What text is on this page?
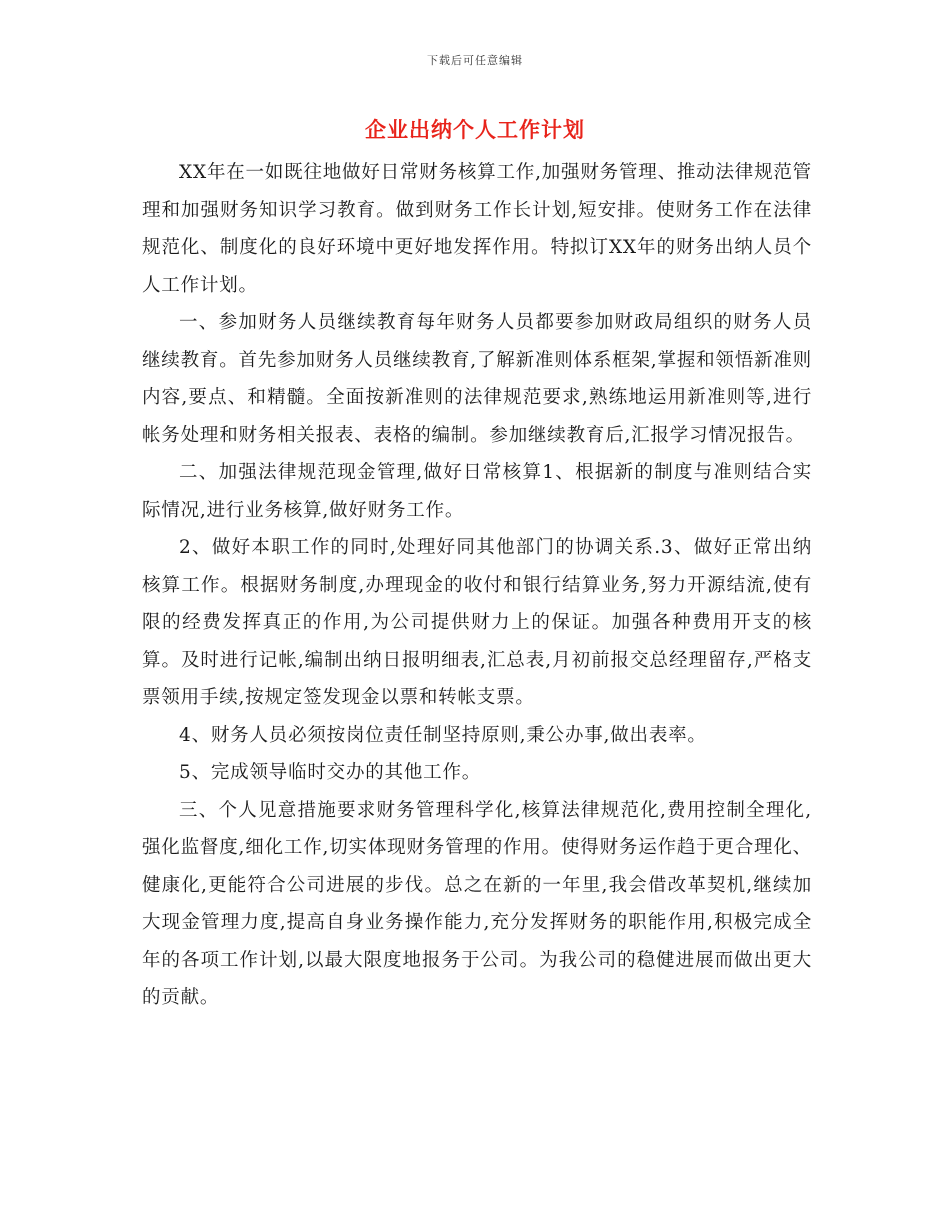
下载后可任意编辑
企业出纳个人工作计划

XX年在一如既往地做好日常财务核算工作,加强财务管理、推动法律规范管理和加强财务知识学习教育。做到财务工作长计划,短安排。使财务工作在法律规范化、制度化的良好环境中更好地发挥作用。特拟订XX年的财务出纳人员个人工作计划。

一、参加财务人员继续教育每年财务人员都要参加财政局组织的财务人员继续教育。首先参加财务人员继续教育,了解新准则体系框架,掌握和领悟新准则内容,要点、和精髓。全面按新准则的法律规范要求,熟练地运用新准则等,进行帐务处理和财务相关报表、表格的编制。参加继续教育后,汇报学习情况报告。

二、加强法律规范现金管理,做好日常核算1、根据新的制度与准则结合实际情况,进行业务核算,做好财务工作。

2、做好本职工作的同时,处理好同其他部门的协调关系.3、做好正常出纳核算工作。根据财务制度,办理现金的收付和银行结算业务,努力开源结流,使有限的经费发挥真正的作用,为公司提供财力上的保证。加强各种费用开支的核算。及时进行记帐,编制出纳日报明细表,汇总表,月初前报交总经理留存,严格支票领用手续,按规定签发现金以票和转帐支票。

4、财务人员必须按岗位责任制坚持原则,秉公办事,做出表率。

5、完成领导临时交办的其他工作。

三、个人见意措施要求财务管理科学化,核算法律规范化,费用控制全理化,强化监督度,细化工作,切实体现财务管理的作用。使得财务运作趋于更合理化、健康化,更能符合公司进展的步伐。总之在新的一年里,我会借改革契机,继续加大现金管理力度,提高自身业务操作能力,充分发挥财务的职能作用,积极完成全年的各项工作计划,以最大限度地报务于公司。为我公司的稳健进展而做出更大的贡献。
